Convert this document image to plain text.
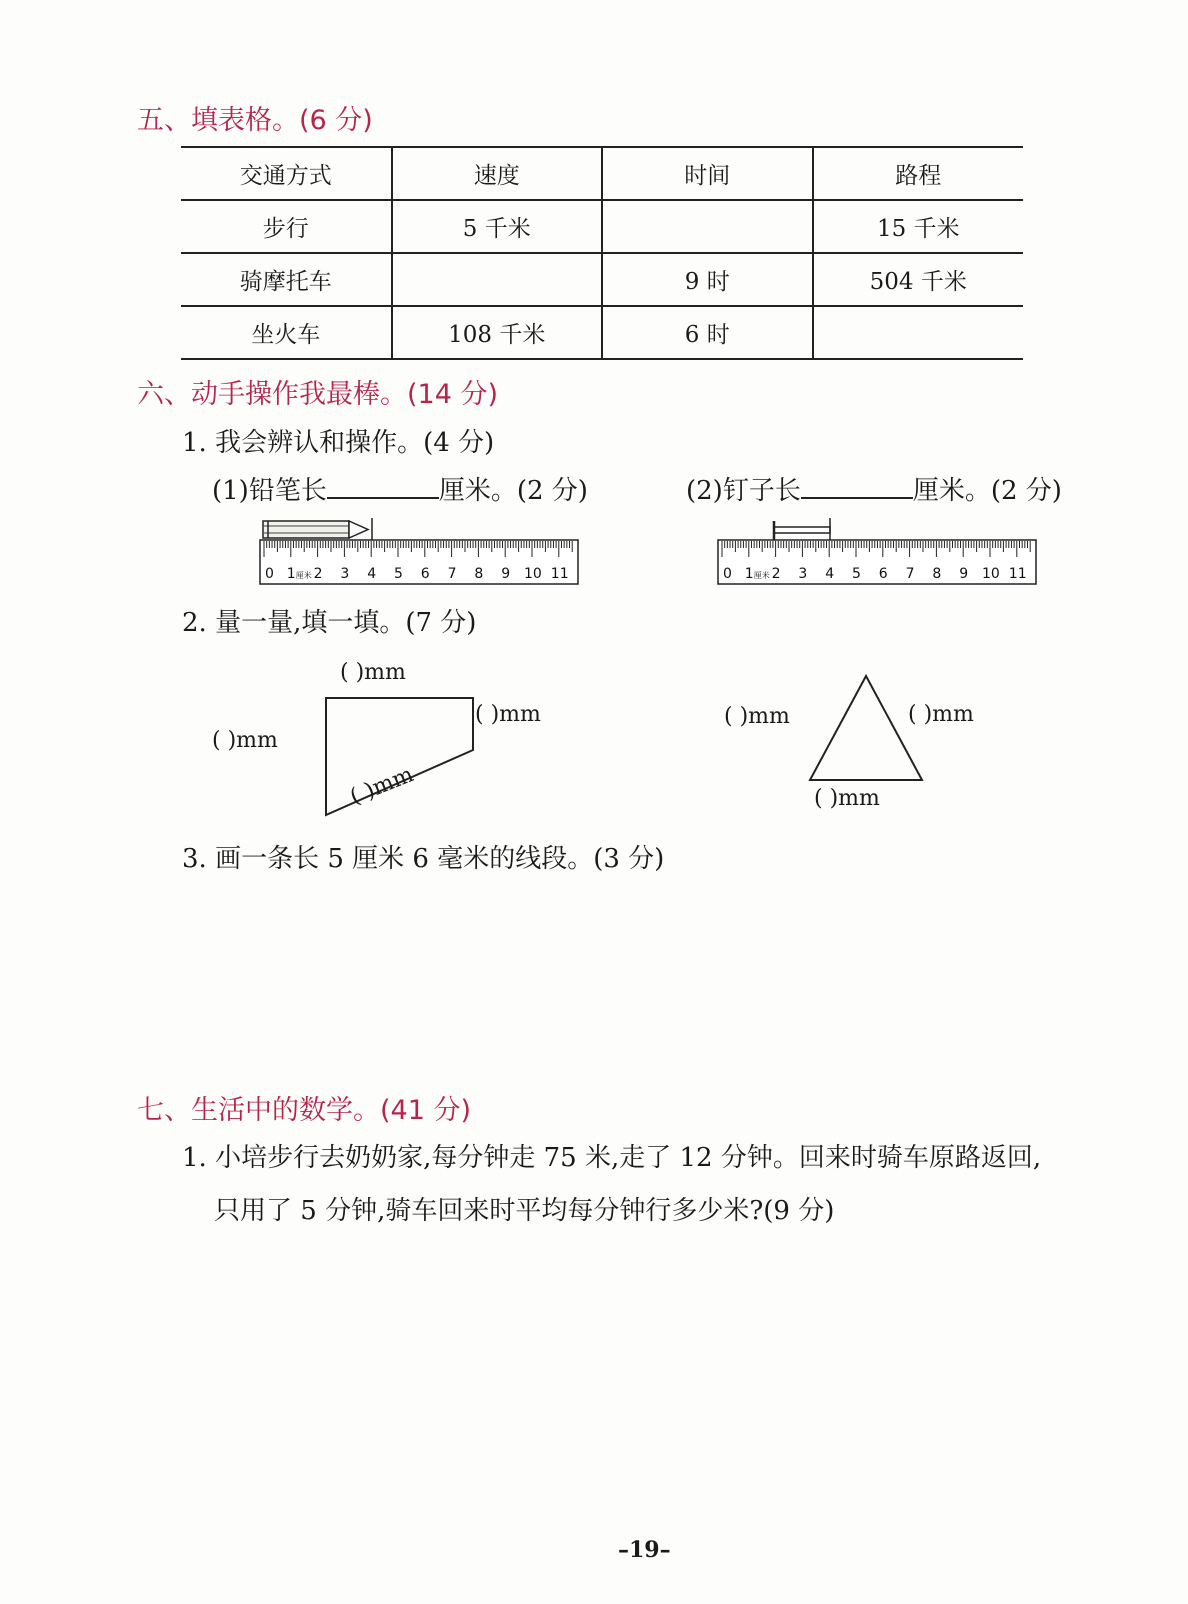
五、填表格。(6 分)
交通方式	速度	时间	路程
步行	5 千米		15 千米
骑摩托车		9 时	504 千米
坐火车	108 千米	6 时	
六、动手操作我最棒。(14 分)
1. 我会辨认和操作。(4 分)
(1)铅笔长	厘米。(2 分)	(2)钉子长	厘米。(2 分)
0 1 2 3 4 5 6 7 8 9 10 11
厘米	0 1 2 3 4 5 6 7 8 9 10 11
厘米
2. 量一量,填一填。(7 分)
( )mm
( )mm
( )mm
( )mm
( )mm	( )mm
( )mm
3. 画一条长 5 厘米 6 毫米的线段。(3 分)
七、生活中的数学。(41 分)
1. 小培步行去奶奶家,每分钟走 75 米,走了 12 分钟。回来时骑车原路返回,
只用了 5 分钟,骑车回来时平均每分钟行多少米?(9 分)
–19–
